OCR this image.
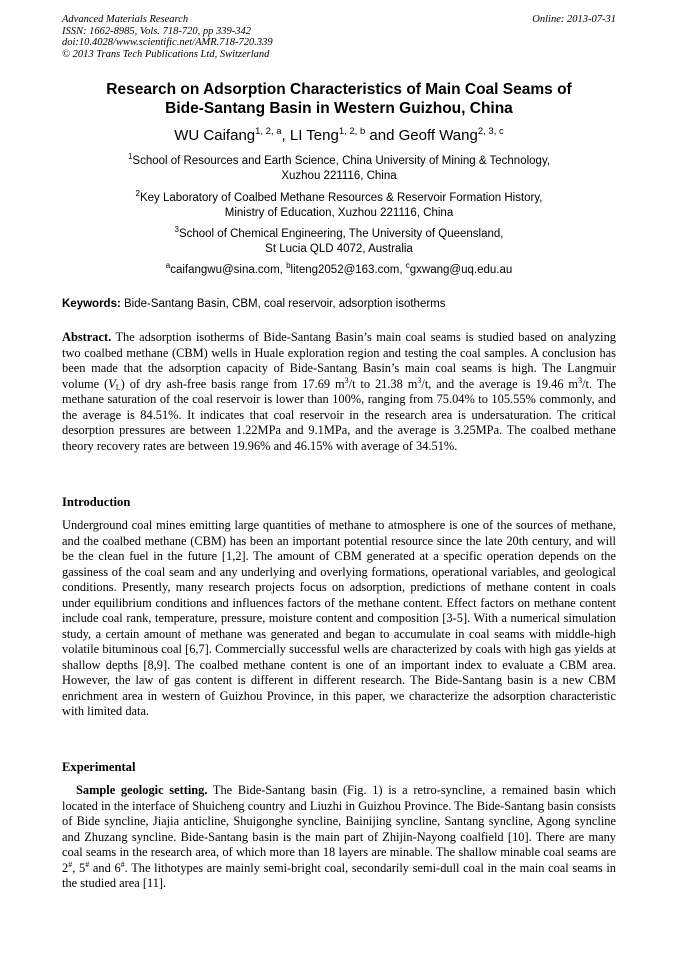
Advanced Materials Research	Online: 2013-07-31
ISSN: 1662-8985, Vols. 718-720, pp 339-342
doi:10.4028/www.scientific.net/AMR.718-720.339
© 2013 Trans Tech Publications Ltd, Switzerland
Research on Adsorption Characteristics of Main Coal Seams of
Bide-Santang Basin in Western Guizhou, China
WU Caifang$^{1, 2, a}$, LI Teng$^{1, 2, b}$ and Geoff Wang$^{2, 3, c}$
$^1$School of Resources and Earth Science, China University of Mining & Technology,
Xuzhou 221116, China
$^2$Key Laboratory of Coalbed Methane Resources & Reservoir Formation History,
Ministry of Education, Xuzhou 221116, China
$^3$School of Chemical Engineering, The University of Queensland,
St Lucia QLD 4072, Australia
$^a$caifangwu@sina.com, $^b$liteng2052@163.com, $^c$gxwang@uq.edu.au
Keywords: Bide-Santang Basin, CBM, coal reservoir, adsorption isotherms
Abstract. The adsorption isotherms of Bide-Santang Basin’s main coal seams is studied based on analyzing two coalbed methane (CBM) wells in Huale exploration region and testing the coal samples. A conclusion has been made that the adsorption capacity of Bide-Santang Basin’s main coal seams is high. The Langmuir volume $(V_L)$ of dry ash-free basis range from 17.69 $m^3/t$ to 21.38 $m^3/t$, and the average is 19.46 $m^3/t$. The methane saturation of the coal reservoir is lower than 100%, ranging from 75.04% to 105.55% commonly, and the average is 84.51%. It indicates that coal reservoir in the research area is undersaturation. The critical desorption pressures are between 1.22MPa and 9.1MPa, and the average is 3.25MPa. The coalbed methane theory recovery rates are between 19.96% and 46.15% with average of 34.51%.
Introduction
Underground coal mines emitting large quantities of methane to atmosphere is one of the sources of methane, and the coalbed methane (CBM) has been an important potential resource since the late 20th century, and will be the clean fuel in the future [1,2]. The amount of CBM generated at a specific operation depends on the gassiness of the coal seam and any underlying and overlying formations, operational variables, and geological conditions. Presently, many research projects focus on adsorption, predictions of methane content in coals under equilibrium conditions and influences factors of the methane content. Effect factors on methane content include coal rank, temperature, pressure, moisture content and composition [3-5]. With a numerical simulation study, a certain amount of methane was generated and began to accumulate in coal seams with middle-high volatile bituminous coal [6,7]. Commercially successful wells are characterized by coals with high gas yields at shallow depths [8,9]. The coalbed methane content is one of an important index to evaluate a CBM area. However, the law of gas content is different in different research. The Bide-Santang basin is a new CBM enrichment area in western of Guizhou Province, in this paper, we characterize the adsorption characteristic with limited data.
Experimental
Sample geologic setting. The Bide-Santang basin (Fig. 1) is a retro-syncline, a remained basin which located in the interface of Shuicheng country and Liuzhi in Guizhou Province. The Bide-Santang basin consists of Bide syncline, Jiajia anticline, Shuigonghe syncline, Bainijing syncline, Santang syncline, Agong syncline and Zhuzang syncline. Bide-Santang basin is the main part of Zhijin-Nayong coalfield [10]. There are many coal seams in the research area, of which more than 18 layers are minable. The shallow minable coal seams are 2#, 5# and 6#. The lithotypes are mainly semi-bright coal, secondarily semi-dull coal in the main coal seams in the studied area [11].
